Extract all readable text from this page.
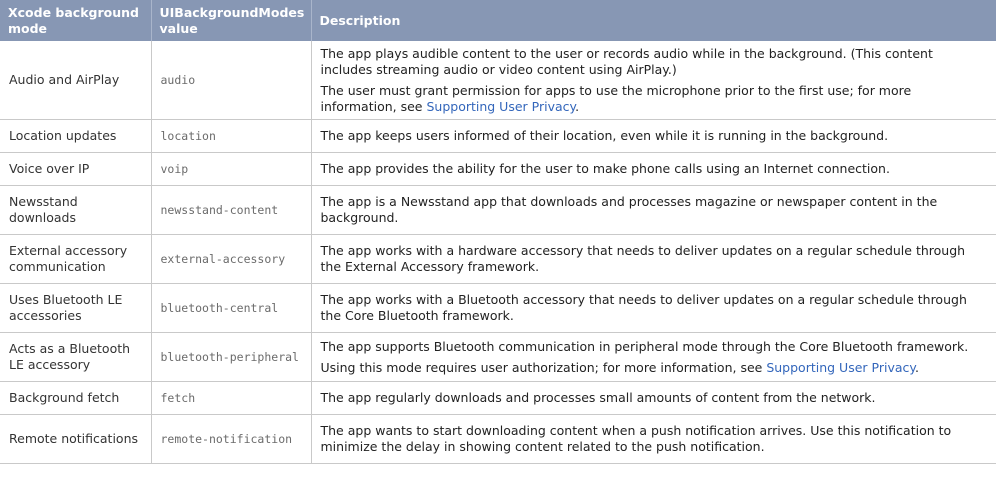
Xcode background mode	UIBackgroundModes value	Description
Audio and AirPlay	audio	The app plays audible content to the user or records audio while in the background. (This content includes streaming audio or video content using AirPlay.)

The user must grant permission for apps to use the microphone prior to the first use; for more information, see Supporting User Privacy.

Location updates	location	The app keeps users informed of their location, even while it is running in the background.

Voice over IP	voip	The app provides the ability for the user to make phone calls using an Internet connection.

Newsstand downloads	newsstand-content	The app is a Newsstand app that downloads and processes magazine or newspaper content in the background.

External accessory communication	external-accessory	The app works with a hardware accessory that needs to deliver updates on a regular schedule through the External Accessory framework.

Uses Bluetooth LE accessories	bluetooth-central	The app works with a Bluetooth accessory that needs to deliver updates on a regular schedule through the Core Bluetooth framework.

Acts as a Bluetooth LE accessory	bluetooth-peripheral	The app supports Bluetooth communication in peripheral mode through the Core Bluetooth framework.

Using this mode requires user authorization; for more information, see Supporting User Privacy.

Background fetch	fetch	The app regularly downloads and processes small amounts of content from the network.

Remote notifications	remote-notification	The app wants to start downloading content when a push notification arrives. Use this notification to minimize the delay in showing content related to the push notification.
